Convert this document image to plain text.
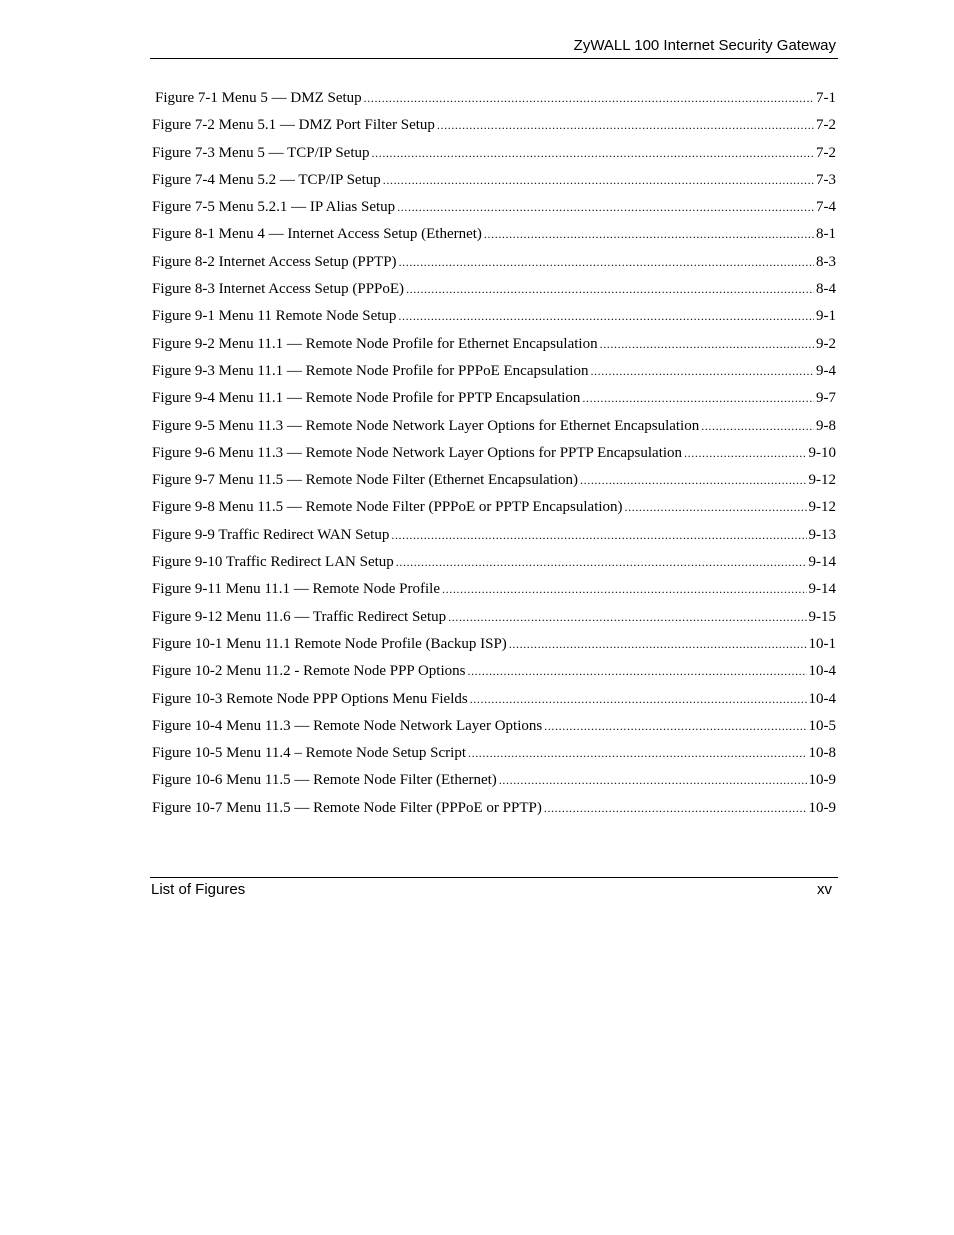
ZyWALL 100 Internet Security Gateway
Figure 7-1 Menu 5 — DMZ Setup .....	7-1
Figure 7-2 Menu 5.1 — DMZ Port Filter Setup .....	7-2
Figure 7-3 Menu 5 — TCP/IP Setup .....	7-2
Figure 7-4 Menu 5.2 — TCP/IP Setup .....	7-3
Figure 7-5 Menu 5.2.1 — IP Alias Setup .....	7-4
Figure 8-1 Menu 4 — Internet Access Setup (Ethernet) .....	8-1
Figure 8-2 Internet Access Setup (PPTP) .....	8-3
Figure 8-3 Internet Access Setup (PPPoE) .....	8-4
Figure 9-1 Menu 11 Remote Node Setup .....	9-1
Figure 9-2 Menu 11.1 — Remote Node Profile for Ethernet Encapsulation .....	9-2
Figure 9-3 Menu 11.1 — Remote Node Profile for PPPoE Encapsulation .....	9-4
Figure 9-4 Menu 11.1 — Remote Node Profile for PPTP Encapsulation .....	9-7
Figure 9-5 Menu 11.3 — Remote Node Network Layer Options for Ethernet Encapsulation .....	9-8
Figure 9-6 Menu 11.3 — Remote Node Network Layer Options for PPTP Encapsulation .....	9-10
Figure 9-7 Menu 11.5 — Remote Node Filter (Ethernet Encapsulation) .....	9-12
Figure 9-8 Menu 11.5 — Remote Node Filter (PPPoE or PPTP Encapsulation) .....	9-12
Figure 9-9 Traffic Redirect WAN Setup .....	9-13
Figure 9-10 Traffic Redirect LAN Setup .....	9-14
Figure 9-11 Menu 11.1 — Remote Node Profile .....	9-14
Figure 9-12 Menu 11.6 — Traffic Redirect Setup .....	9-15
Figure 10-1 Menu 11.1 Remote Node Profile (Backup ISP) .....	10-1
Figure 10-2 Menu 11.2 - Remote Node PPP Options .....	10-4
Figure 10-3 Remote Node PPP Options Menu Fields .....	10-4
Figure 10-4 Menu 11.3 — Remote Node Network Layer Options .....	10-5
Figure 10-5 Menu 11.4 – Remote Node Setup Script .....	10-8
Figure 10-6 Menu 11.5 — Remote Node Filter (Ethernet) .....	10-9
Figure 10-7 Menu 11.5 — Remote Node Filter (PPPoE or PPTP) .....	10-9
List of Figures	xv
